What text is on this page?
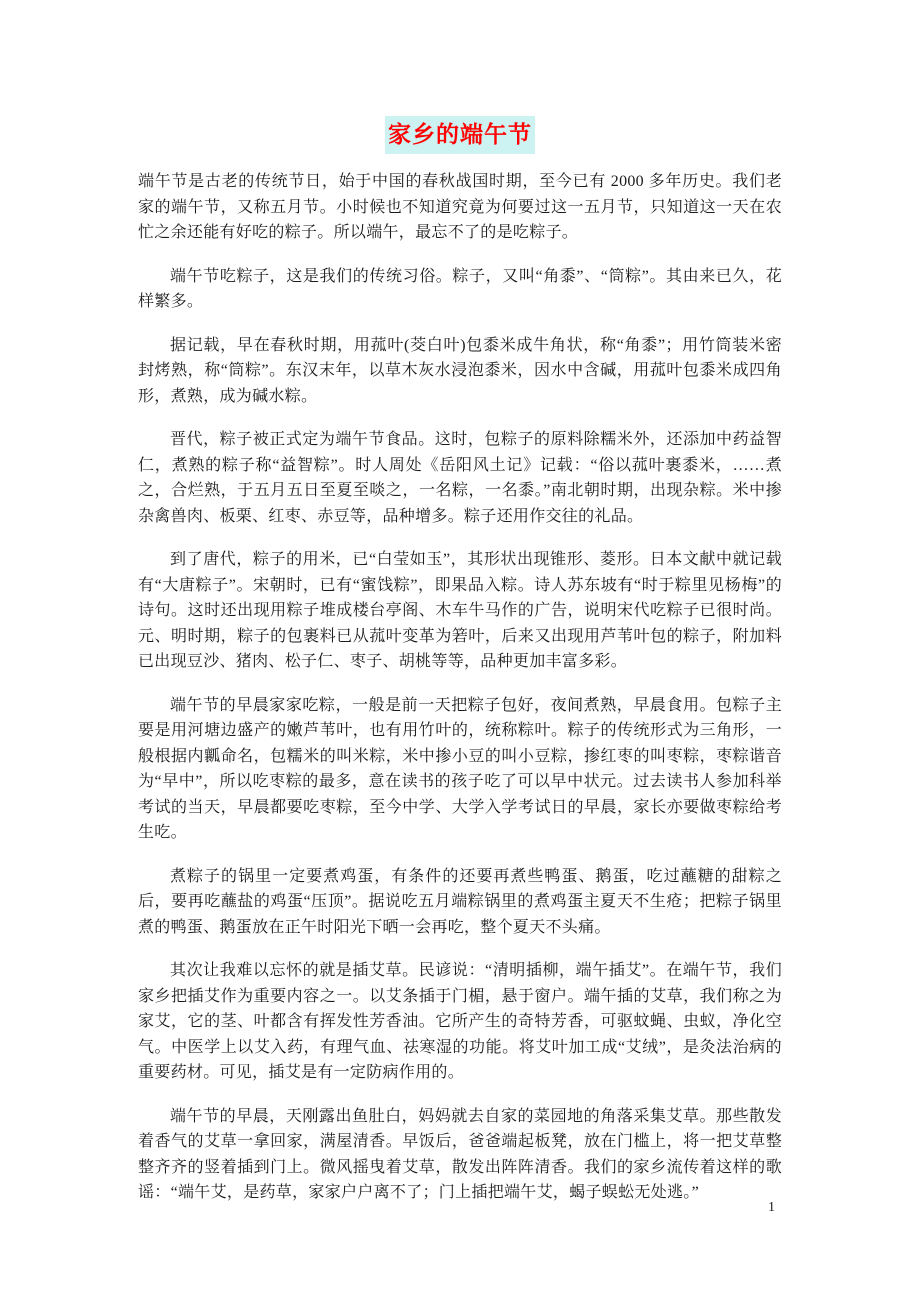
家乡的端午节

端午节是古老的传统节日，始于中国的春秋战国时期，至今已有 2000 多年历史。我们老家的端午节，又称五月节。小时候也不知道究竟为何要过这一五月节，只知道这一天在农忙之余还能有好吃的粽子。所以端午，最忘不了的是吃粽子。

端午节吃粽子，这是我们的传统习俗。粽子，又叫“角黍”、“筒粽”。其由来已久，花样繁多。

据记载，早在春秋时期，用菰叶(茭白叶)包黍米成牛角状，称“角黍”；用竹筒装米密封烤熟，称“筒粽”。东汉末年，以草木灰水浸泡黍米，因水中含碱，用菰叶包黍米成四角形，煮熟，成为碱水粽。

晋代，粽子被正式定为端午节食品。这时，包粽子的原料除糯米外，还添加中药益智仁，煮熟的粽子称“益智粽”。时人周处《岳阳风土记》记载：“俗以菰叶裹黍米，……煮之，合烂熟，于五月五日至夏至啖之，一名粽，一名黍。”南北朝时期，出现杂粽。米中掺杂禽兽肉、板栗、红枣、赤豆等，品种增多。粽子还用作交往的礼品。

到了唐代，粽子的用米，已“白莹如玉”，其形状出现锥形、菱形。日本文献中就记载有“大唐粽子”。宋朝时，已有“蜜饯粽”，即果品入粽。诗人苏东坡有“时于粽里见杨梅”的诗句。这时还出现用粽子堆成楼台亭阁、木车牛马作的广告，说明宋代吃粽子已很时尚。元、明时期，粽子的包裹料已从菰叶变革为箬叶，后来又出现用芦苇叶包的粽子，附加料已出现豆沙、猪肉、松子仁、枣子、胡桃等等，品种更加丰富多彩。

端午节的早晨家家吃粽，一般是前一天把粽子包好，夜间煮熟，早晨食用。包粽子主要是用河塘边盛产的嫩芦苇叶，也有用竹叶的，统称粽叶。粽子的传统形式为三角形，一般根据内瓤命名，包糯米的叫米粽，米中掺小豆的叫小豆粽，掺红枣的叫枣粽，枣粽谐音为“早中”，所以吃枣粽的最多，意在读书的孩子吃了可以早中状元。过去读书人参加科举考试的当天，早晨都要吃枣粽，至今中学、大学入学考试日的早晨，家长亦要做枣粽给考生吃。

煮粽子的锅里一定要煮鸡蛋，有条件的还要再煮些鸭蛋、鹅蛋，吃过蘸糖的甜粽之后，要再吃蘸盐的鸡蛋“压顶”。据说吃五月端粽锅里的煮鸡蛋主夏天不生疮；把粽子锅里煮的鸭蛋、鹅蛋放在正午时阳光下晒一会再吃，整个夏天不头痛。

其次让我难以忘怀的就是插艾草。民谚说：“清明插柳，端午插艾”。在端午节，我们家乡把插艾作为重要内容之一。以艾条插于门楣，悬于窗户。端午插的艾草，我们称之为家艾，它的茎、叶都含有挥发性芳香油。它所产生的奇特芳香，可驱蚊蝇、虫蚁，净化空气。中医学上以艾入药，有理气血、祛寒湿的功能。将艾叶加工成“艾绒”，是灸法治病的重要药材。可见，插艾是有一定防病作用的。

端午节的早晨，天刚露出鱼肚白，妈妈就去自家的菜园地的角落采集艾草。那些散发着香气的艾草一拿回家，满屋清香。早饭后，爸爸端起板凳，放在门槛上，将一把艾草整整齐齐的竖着插到门上。微风摇曳着艾草，散发出阵阵清香。我们的家乡流传着这样的歌谣：“端午艾，是药草，家家户户离不了；门上插把端午艾，蝎子蜈蚣无处逃。”

1
